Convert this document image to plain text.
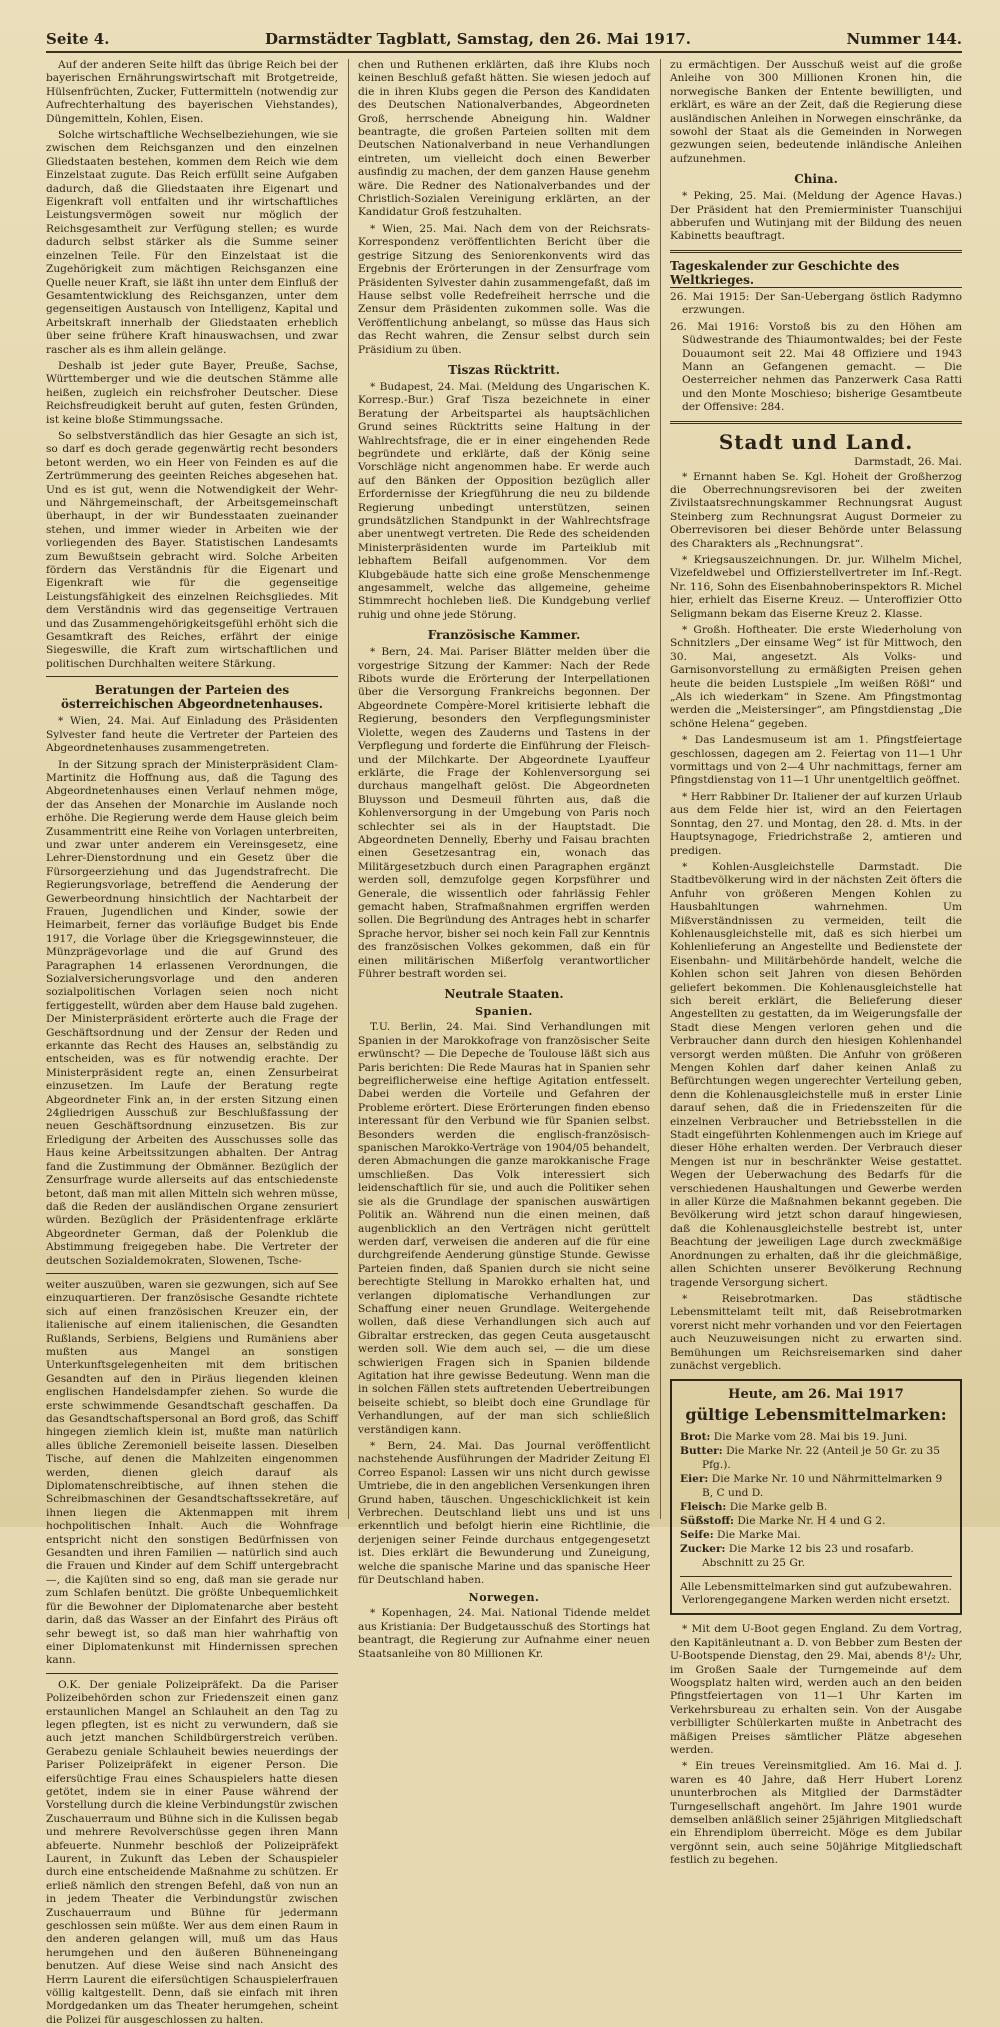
Seite 4.	Darmstädter Tagblatt, Samstag, den 26. Mai 1917.	Nummer 144.

Auf der anderen Seite hilft das übrige Reich bei der bayerischen Ernährungswirtschaft mit Brotgetreide, Hülsenfrüchten, Zucker, Futtermitteln (notwendig zur Aufrechterhaltung des bayerischen Viehstandes), Düngemitteln, Kohlen, Eisen.

Solche wirtschaftliche Wechselbeziehungen, wie sie zwischen dem Reichsganzen und den einzelnen Gliedstaaten bestehen, kommen dem Reich wie dem Einzelstaat zugute. Das Reich erfüllt seine Aufgaben dadurch, daß die Gliedstaaten ihre Eigenart und Eigenkraft voll entfalten und ihr wirtschaftliches Leistungsvermögen soweit nur möglich der Reichsgesamtheit zur Verfügung stellen; es wurde dadurch selbst stärker als die Summe seiner einzelnen Teile. Für den Einzelstaat ist die Zugehörigkeit zum mächtigen Reichsganzen eine Quelle neuer Kraft, sie läßt ihn unter dem Einfluß der Gesamtentwicklung des Reichsganzen, unter dem gegenseitigen Austausch von Intelligenz, Kapital und Arbeitskraft innerhalb der Gliedstaaten erheblich über seine frühere Kraft hinauswachsen, und zwar rascher als es ihm allein gelänge.

Deshalb ist jeder gute Bayer, Preuße, Sachse, Württemberger und wie die deutschen Stämme alle heißen, zugleich ein reichsfroher Deutscher. Diese Reichsfreudigkeit beruht auf guten, festen Gründen, ist keine bloße Stimmungssache.

So selbstverständlich das hier Gesagte an sich ist, so darf es doch gerade gegenwärtig recht besonders betont werden, wo ein Heer von Feinden es auf die Zertrümmerung des geeinten Reiches abgesehen hat. Und es ist gut, wenn die Notwendigkeit der Wehr- und Nährgemeinschaft, der Arbeitsgemeinschaft überhaupt, in der wir Bundesstaaten zueinander stehen, und immer wieder in Arbeiten wie der vorliegenden des Bayer. Statistischen Landesamts zum Bewußtsein gebracht wird. Solche Arbeiten fördern das Verständnis für die Eigenart und Eigenkraft wie für die gegenseitige Leistungsfähigkeit des einzelnen Reichsgliedes. Mit dem Verständnis wird das gegenseitige Vertrauen und das Zusammengehörigkeitsgefühl erhöht sich die Gesamtkraft des Reiches, erfährt der einige Siegeswille, die Kraft zum wirtschaftlichen und politischen Durchhalten weitere Stärkung.

Beratungen der Parteien des österreichischen Abgeordnetenhauses.

* Wien, 24. Mai. Auf Einladung des Präsidenten Sylvester fand heute die Vertreter der Parteien des Abgeordnetenhauses zusammengetreten.

In der Sitzung sprach der Ministerpräsident Clam-Martinitz die Hoffnung aus, daß die Tagung des Abgeordnetenhauses einen Verlauf nehmen möge, der das Ansehen der Monarchie im Auslande noch erhöhe. Die Regierung werde dem Hause gleich beim Zusammentritt eine Reihe von Vorlagen unterbreiten, und zwar unter anderem ein Vereinsgesetz, eine Lehrer-Dienstordnung und ein Gesetz über die Fürsorgeerziehung und das Jugendstrafrecht. Die Regierungsvorlage, betreffend die Aenderung der Gewerbeordnung hinsichtlich der Nachtarbeit der Frauen, Jugendlichen und Kinder, sowie der Heimarbeit, ferner das vorläufige Budget bis Ende 1917, die Vorlage über die Kriegsgewinnsteuer, die Münzprägevorlage und die auf Grund des Paragraphen 14 erlassenen Verordnungen, die Sozialversicherungsvorlage und den anderen sozialpolitischen Vorlagen seien noch nicht fertiggestellt, würden aber dem Hause bald zugehen. Der Ministerpräsident erörterte auch die Frage der Geschäftsordnung und der Zensur der Reden und erkannte das Recht des Hauses an, selbständig zu entscheiden, was es für notwendig erachte. Der Ministerpräsident regte an, einen Zensurbeirat einzusetzen. Im Laufe der Beratung regte Abgeordneter Fink an, in der ersten Sitzung einen 24gliedrigen Ausschuß zur Beschlußfassung der neuen Geschäftsordnung einzusetzen. Bis zur Erledigung der Arbeiten des Ausschusses solle das Haus keine Arbeitssitzungen abhalten. Der Antrag fand die Zustimmung der Obmänner. Bezüglich der Zensurfrage wurde allerseits auf das entschiedenste betont, daß man mit allen Mitteln sich wehren müsse, daß die Reden der ausländischen Organe zensuriert würden. Bezüglich der Präsidentenfrage erklärte Abgeordneter German, daß der Polenklub die Abstimmung freigegeben habe. Die Vertreter der deutschen Sozialdemokraten, Slowenen, Tsche-

weiter auszuüben, waren sie gezwungen, sich auf See einzuquartieren. Der französische Gesandte richtete sich auf einen französischen Kreuzer ein, der italienische auf einem italienischen, die Gesandten Rußlands, Serbiens, Belgiens und Rumäniens aber mußten aus Mangel an sonstigen Unterkunftsgelegenheiten mit dem britischen Gesandten auf den in Piräus liegenden kleinen englischen Handelsdampfer ziehen. So wurde die erste schwimmende Gesandtschaft geschaffen. Da das Gesandtschaftspersonal an Bord groß, das Schiff hingegen ziemlich klein ist, mußte man natürlich alles übliche Zeremoniell beiseite lassen. Dieselben Tische, auf denen die Mahlzeiten eingenommen werden, dienen gleich darauf als Diplomatenschreibtische, auf ihnen stehen die Schreibmaschinen der Gesandtschaftssekretäre, auf ihnen liegen die Aktenmappen mit ihrem hochpolitischen Inhalt. Auch die Wohnfrage entspricht nicht den sonstigen Bedürfnissen von Gesandten und ihren Familien — natürlich sind auch die Frauen und Kinder auf dem Schiff untergebracht —, die Kajüten sind so eng, daß man sie gerade nur zum Schlafen benützt. Die größte Unbequemlichkeit für die Bewohner der Diplomatenarche aber besteht darin, daß das Wasser an der Einfahrt des Piräus oft sehr bewegt ist, so daß man hier wahrhaftig von einer Diplomatenkunst mit Hindernissen sprechen kann.

O.K. Der geniale Polizeipräfekt. Da die Pariser Polizeibehörden schon zur Friedenszeit einen ganz erstaunlichen Mangel an Schlauheit an den Tag zu legen pflegten, ist es nicht zu verwundern, daß sie auch jetzt manchen Schildbürgerstreich verüben. Gerabezu geniale Schlauheit bewies neuerdings der Pariser Polizeipräfekt in eigener Person. Die eifersüchtige Frau eines Schauspielers hatte diesen getötet, indem sie in einer Pause während der Vorstellung durch die kleine Verbindungstür zwischen Zuschauerraum und Bühne sich in die Kulissen begab und mehrere Revolverschüsse gegen ihren Mann abfeuerte. Nunmehr beschloß der Polizeipräfekt Laurent, in Zukunft das Leben der Schauspieler durch eine entscheidende Maßnahme zu schützen. Er erließ nämlich den strengen Befehl, daß von nun an in jedem Theater die Verbindungstür zwischen Zuschauerraum und Bühne für jedermann geschlossen sein müßte. Wer aus dem einen Raum in den anderen gelangen will, muß um das Haus herumgehen und den äußeren Bühneneingang benutzen. Auf diese Weise sind nach Ansicht des Herrn Laurent die eifersüchtigen Schauspielerfrauen völlig kaltgestellt. Denn, daß sie einfach mit ihren Mordgedanken um das Theater herumgehen, scheint die Polizei für ausgeschlossen zu halten.

chen und Ruthenen erklärten, daß ihre Klubs noch keinen Beschluß gefaßt hätten. Sie wiesen jedoch auf die in ihren Klubs gegen die Person des Kandidaten des Deutschen Nationalverbandes, Abgeordneten Groß, herrschende Abneigung hin. Waldner beantragte, die großen Parteien sollten mit dem Deutschen Nationalverband in neue Verhandlungen eintreten, um vielleicht doch einen Bewerber ausfindig zu machen, der dem ganzen Hause genehm wäre. Die Redner des Nationalverbandes und der Christlich-Sozialen Vereinigung erklärten, an der Kandidatur Groß festzuhalten.

* Wien, 25. Mai. Nach dem von der Reichsrats-Korrespondenz veröffentlichten Bericht über die gestrige Sitzung des Seniorenkonvents wird das Ergebnis der Erörterungen in der Zensurfrage vom Präsidenten Sylvester dahin zusammengefaßt, daß im Hause selbst volle Redefreiheit herrsche und die Zensur dem Präsidenten zukommen solle. Was die Veröffentlichung anbelangt, so müsse das Haus sich das Recht wahren, die Zensur selbst durch sein Präsidium zu üben.

Tiszas Rücktritt.

* Budapest, 24. Mai. (Meldung des Ungarischen K. Korresp.-Bur.) Graf Tisza bezeichnete in einer Beratung der Arbeitspartei als hauptsächlichen Grund seines Rücktritts seine Haltung in der Wahlrechtsfrage, die er in einer eingehenden Rede begründete und erklärte, daß der König seine Vorschläge nicht angenommen habe. Er werde auch auf den Bänken der Opposition bezüglich aller Erfordernisse der Kriegführung die neu zu bildende Regierung unbedingt unterstützen, seinen grundsätzlichen Standpunkt in der Wahlrechtsfrage aber unentwegt vertreten. Die Rede des scheidenden Ministerpräsidenten wurde im Parteiklub mit lebhaftem Beifall aufgenommen. Vor dem Klubgebäude hatte sich eine große Menschenmenge angesammelt, welche das allgemeine, geheime Stimmrecht hochleben ließ. Die Kundgebung verlief ruhig und ohne jede Störung.

Französische Kammer.

* Bern, 24. Mai. Pariser Blätter melden über die vorgestrige Sitzung der Kammer: Nach der Rede Ribots wurde die Erörterung der Interpellationen über die Versorgung Frankreichs begonnen. Der Abgeordnete Compère-Morel kritisierte lebhaft die Regierung, besonders den Verpflegungsminister Violette, wegen des Zauderns und Tastens in der Verpflegung und forderte die Einführung der Fleisch- und der Milchkarte. Der Abgeordnete Lyauffeur erklärte, die Frage der Kohlenversorgung sei durchaus mangelhaft gelöst. Die Abgeordneten Bluysson und Desmeuil führten aus, daß die Kohlenversorgung in der Umgebung von Paris noch schlechter sei als in der Hauptstadt. Die Abgeordneten Dennelly, Eberhy und Faisau brachten einen Gesetzesantrag ein, wonach das Militärgesetzbuch durch einen Paragraphen ergänzt werden soll, demzufolge gegen Korpsführer und Generale, die wissentlich oder fahrlässig Fehler gemacht haben, Strafmaßnahmen ergriffen werden sollen. Die Begründung des Antrages hebt in scharfer Sprache hervor, bisher sei noch kein Fall zur Kenntnis des französischen Volkes gekommen, daß ein für einen militärischen Mißerfolg verantwortlicher Führer bestraft worden sei.

Neutrale Staaten.
Spanien.

T.U. Berlin, 24. Mai. Sind Verhandlungen mit Spanien in der Marokkofrage von französischer Seite erwünscht? — Die Depeche de Toulouse läßt sich aus Paris berichten: Die Rede Mauras hat in Spanien sehr begreiflicherweise eine heftige Agitation entfesselt. Dabei werden die Vorteile und Gefahren der Probleme erörtert. Diese Erörterungen finden ebenso interessant für den Verbund wie für Spanien selbst. Besonders werden die englisch-französisch-spanischen Marokko-Verträge von 1904/05 behandelt, deren Abmachungen die ganze marokkanische Frage umschließen. Das Volk interessiert sich leidenschaftlich für sie, und auch die Politiker sehen sie als die Grundlage der spanischen auswärtigen Politik an. Während nun die einen meinen, daß augenblicklich an den Verträgen nicht gerüttelt werden darf, verweisen die anderen auf die für eine durchgreifende Aenderung günstige Stunde. Gewisse Parteien finden, daß Spanien durch sie nicht seine berechtigte Stellung in Marokko erhalten hat, und verlangen diplomatische Verhandlungen zur Schaffung einer neuen Grundlage. Weitergehende wollen, daß diese Verhandlungen sich auch auf Gibraltar erstrecken, das gegen Ceuta ausgetauscht werden soll. Wie dem auch sei, — die um diese schwierigen Fragen sich in Spanien bildende Agitation hat ihre gewisse Bedeutung. Wenn man die in solchen Fällen stets auftretenden Uebertreibungen beiseite schiebt, so bleibt doch eine Grundlage für Verhandlungen, auf der man sich schließlich verständigen kann.

* Bern, 24. Mai. Das Journal veröffentlicht nachstehende Ausführungen der Madrider Zeitung El Correo Espanol: Lassen wir uns nicht durch gewisse Umtriebe, die in den angeblichen Versenkungen ihren Grund haben, täuschen. Ungeschicklichkeit ist kein Verbrechen. Deutschland liebt uns und ist uns erkenntlich und befolgt hierin eine Richtlinie, die derjenigen seiner Feinde durchaus entgegengesetzt ist. Dies erklärt die Bewunderung und Zuneigung, welche die spanische Marine und das spanische Heer für Deutschland haben.

Norwegen.

* Kopenhagen, 24. Mai. National Tidende meldet aus Kristiania: Der Budgetausschuß des Stortings hat beantragt, die Regierung zur Aufnahme einer neuen Staatsanleihe von 80 Millionen Kr.

zu ermächtigen. Der Ausschuß weist auf die große Anleihe von 300 Millionen Kronen hin, die norwegische Banken der Entente bewilligten, und erklärt, es wäre an der Zeit, daß die Regierung diese ausländischen Anleihen in Norwegen einschränke, da sowohl der Staat als die Gemeinden in Norwegen gezwungen seien, bedeutende inländische Anleihen aufzunehmen.

China.

* Peking, 25. Mai. (Meldung der Agence Havas.) Der Präsident hat den Premierminister Tuanschijui abberufen und Wutinjang mit der Bildung des neuen Kabinetts beauftragt.

Tageskalender zur Geschichte des Weltkrieges.

26. Mai 1915: Der San-Uebergang östlich Radymno erzwungen.

26. Mai 1916: Vorstoß bis zu den Höhen am Südwestrande des Thiaumontwaldes; bei der Feste Douaumont seit 22. Mai 48 Offiziere und 1943 Mann an Gefangenen gemacht. — Die Oesterreicher nehmen das Panzerwerk Casa Ratti und den Monte Moschieso; bisherige Gesamtbeute der Offensive: 284.

Stadt und Land.
Darmstadt, 26. Mai.

* Ernannt haben Se. Kgl. Hoheit der Großherzog die Oberrechnungsrevisoren bei der zweiten Zivilstaatsrechnungskammer Rechnungsrat August Steinberg zum Rechnungsrat August Dormeier zu Oberrevisoren bei dieser Behörde unter Belassung des Charakters als „Rechnungsrat“.

* Kriegsauszeichnungen. Dr. jur. Wilhelm Michel, Vizefeldwebel und Offizierstellvertreter im Inf.-Regt. Nr. 116, Sohn des Eisenbahnoberinspektors R. Michel hier, erhielt das Eiserne Kreuz. — Unteroffizier Otto Seligmann bekam das Eiserne Kreuz 2. Klasse.

* Großh. Hoftheater. Die erste Wiederholung von Schnitzlers „Der einsame Weg“ ist für Mittwoch, den 30. Mai, angesetzt. Als Volks- und Garnisonvorstellung zu ermäßigten Preisen gehen heute die beiden Lustspiele „Im weißen Rößl“ und „Als ich wiederkam“ in Szene. Am Pfingstmontag werden die „Meistersinger“, am Pfingstdienstag „Die schöne Helena“ gegeben.

* Das Landesmuseum ist am 1. Pfingstfeiertage geschlossen, dagegen am 2. Feiertag von 11—1 Uhr vormittags und von 2—4 Uhr nachmittags, ferner am Pfingstdienstag von 11—1 Uhr unentgeltlich geöffnet.

* Herr Rabbiner Dr. Italiener der auf kurzen Urlaub aus dem Felde hier ist, wird an den Feiertagen Sonntag, den 27. und Montag, den 28. d. Mts. in der Hauptsynagoge, Friedrichstraße 2, amtieren und predigen.

* Kohlen-Ausgleichstelle Darmstadt. Die Stadtbevölkerung wird in der nächsten Zeit öfters die Anfuhr von größeren Mengen Kohlen zu Hausbahltungen wahrnehmen. Um Mißverständnissen zu vermeiden, teilt die Kohlenausgleichstelle mit, daß es sich hierbei um Kohlenlieferung an Angestellte und Bedienstete der Eisenbahn- und Militärbehörde handelt, welche die Kohlen schon seit Jahren von diesen Behörden geliefert bekommen. Die Kohlenausgleichstelle hat sich bereit erklärt, die Belieferung dieser Angestellten zu gestatten, da im Weigerungsfalle der Stadt diese Mengen verloren gehen und die Verbraucher dann durch den hiesigen Kohlenhandel versorgt werden müßten. Die Anfuhr von größeren Mengen Kohlen darf daher keinen Anlaß zu Befürchtungen wegen ungerechter Verteilung geben, denn die Kohlenausgleichstelle muß in erster Linie darauf sehen, daß die in Friedenszeiten für die einzelnen Verbraucher und Betriebsstellen in die Stadt eingeführten Kohlenmengen auch im Kriege auf dieser Höhe erhalten werden. Der Verbrauch dieser Mengen ist nur in beschränkter Weise gestattet. Wegen der Ueberwachung des Bedarfs für die verschiedenen Haushaltungen und Gewerbe werden in aller Kürze die Maßnahmen bekannt gegeben. Die Bevölkerung wird jetzt schon darauf hingewiesen, daß die Kohlenausgleichstelle bestrebt ist, unter Beachtung der jeweiligen Lage durch zweckmäßige Anordnungen zu erhalten, daß ihr die gleichmäßige, allen Schichten unserer Bevölkerung Rechnung tragende Versorgung sichert.

* Reisebrotmarken. Das städtische Lebensmittelamt teilt mit, daß Reisebrotmarken vorerst nicht mehr vorhanden und vor den Feiertagen auch Neuzuweisungen nicht zu erwarten sind. Bemühungen um Reichsreisemarken sind daher zunächst vergeblich.

Heute, am 26. Mai 1917
gültige Lebensmittelmarken:
Brot: Die Marke vom 28. Mai bis 19. Juni.
Butter: Die Marke Nr. 22 (Anteil je 50 Gr. zu 35 Pfg.).
Eier: Die Marke Nr. 10 und Nährmittelmarken 9 B, C und D.
Fleisch: Die Marke gelb B.
Süßstoff: Die Marke Nr. H 4 und G 2.
Seife: Die Marke Mai.
Zucker: Die Marke 12 bis 23 und rosafarb. Abschnitt zu 25 Gr.
Alle Lebensmittelmarken sind gut aufzubewahren.
Verlorengegangene Marken werden nicht ersetzt.

* Mit dem U-Boot gegen England. Zu dem Vortrag, den Kapitänleutnant a. D. von Bebber zum Besten der U-Bootspende Dienstag, den 29. Mai, abends 8¹/₂ Uhr, im Großen Saale der Turngemeinde auf dem Woogsplatz halten wird, werden auch an den beiden Pfingstfeiertagen von 11—1 Uhr Karten im Verkehrsbureau zu erhalten sein. Von der Ausgabe verbilligter Schülerkarten mußte in Anbetracht des mäßigen Preises sämtlicher Plätze abgesehen werden.

* Ein treues Vereinsmitglied. Am 16. Mai d. J. waren es 40 Jahre, daß Herr Hubert Lorenz ununterbrochen als Mitglied der Darmstädter Turngesellschaft angehört. Im Jahre 1901 wurde demselben anläßlich seiner 25jährigen Mitgliedschaft ein Ehrendiplom überreicht. Möge es dem Jubilar vergönnt sein, auch seine 50jährige Mitgliedschaft festlich zu begehen.
